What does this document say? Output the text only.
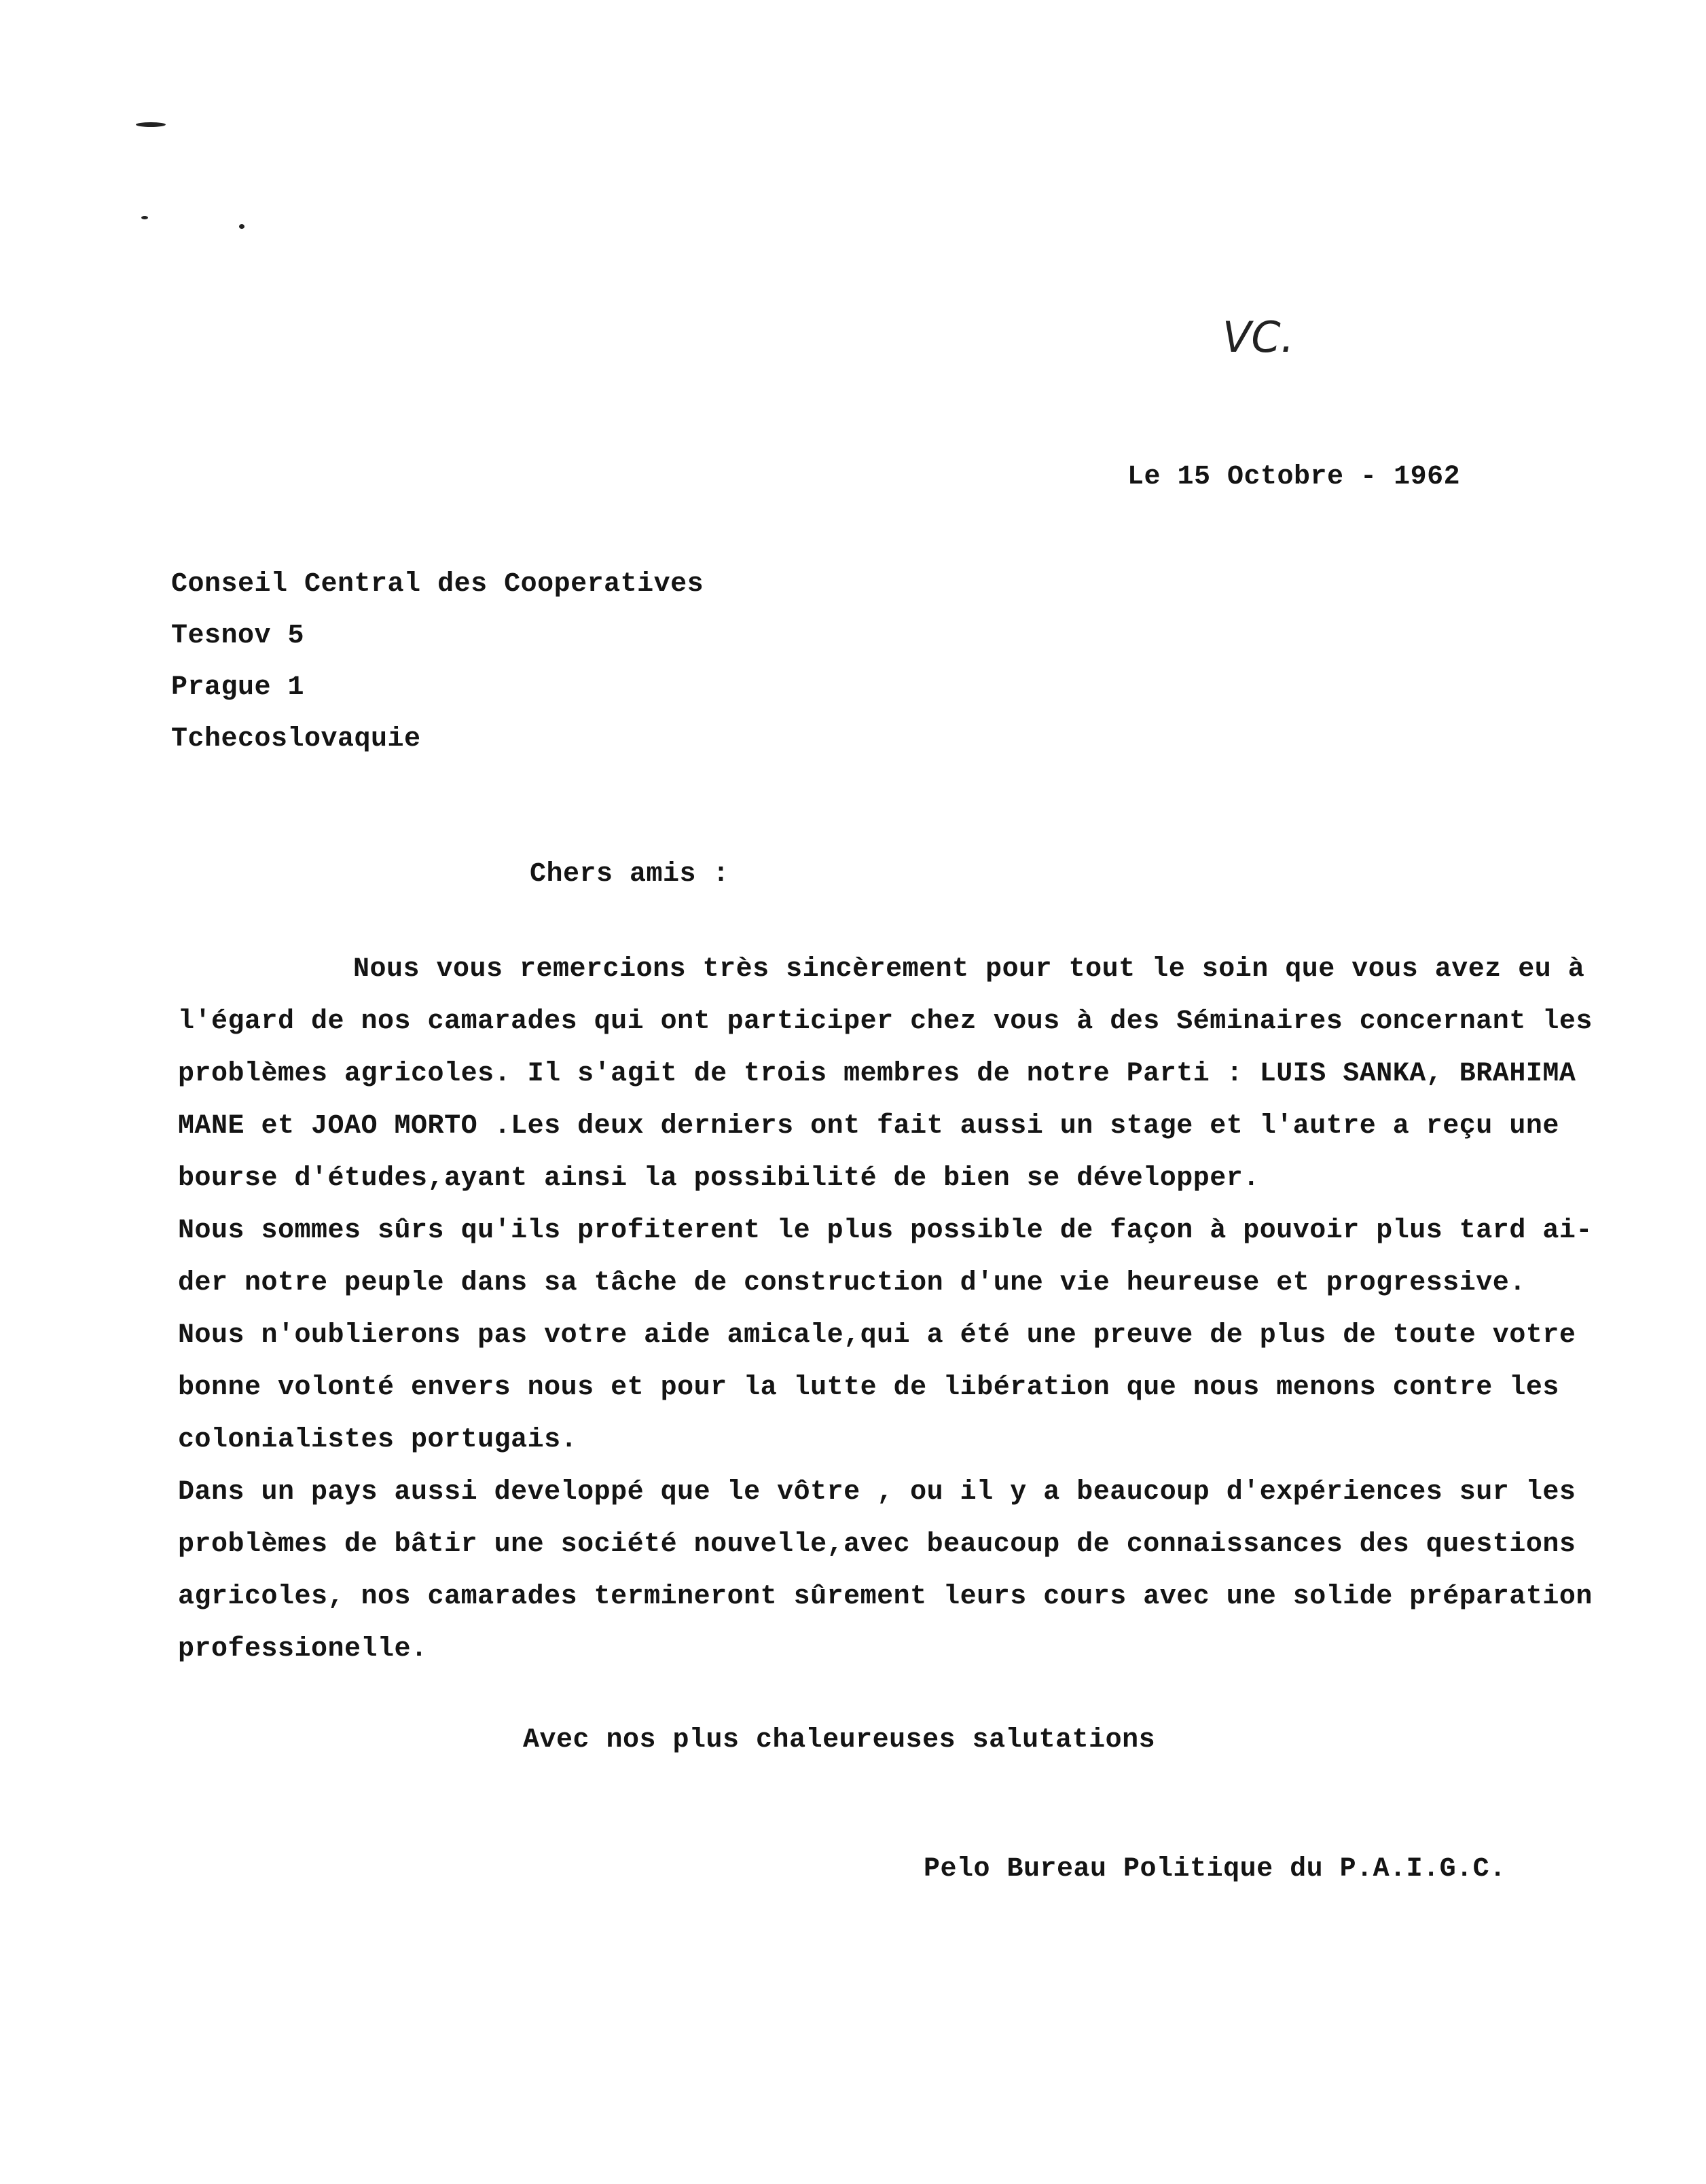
VC.
Le 15 Octobre - 1962
Conseil Central des Cooperatives
Tesnov 5
Prague 1
Tchecoslovaquie
Chers amis :
Nous vous remercions très sincèrement pour tout le soin que vous avez eu à
l'égard de nos camarades qui ont participer chez vous à des Séminaires concernant les
problèmes agricoles. Il s'agit de trois membres de notre Parti : LUIS SANKA, BRAHIMA
MANE et JOAO MORTO .Les deux derniers ont fait aussi un stage et l'autre a reçu une
bourse d'études,ayant ainsi la possibilité de bien se développer.
Nous sommes sûrs qu'ils profiterent le plus possible de façon à pouvoir plus tard ai-
der notre peuple dans sa tâche de construction d'une vie heureuse et progressive.
Nous n'oublierons pas votre aide amicale,qui a été une preuve de plus de toute votre
bonne volonté envers nous et pour la lutte de libération que nous menons contre les
colonialistes portugais.
Dans un pays aussi developpé que le vôtre , ou il y a beaucoup d'expériences sur les
problèmes de bâtir une société nouvelle,avec beaucoup de connaissances des questions
agricoles, nos camarades termineront sûrement leurs cours avec une solide préparation
professionelle.
Avec nos plus chaleureuses salutations
Pelo Bureau Politique du P.A.I.G.C.
